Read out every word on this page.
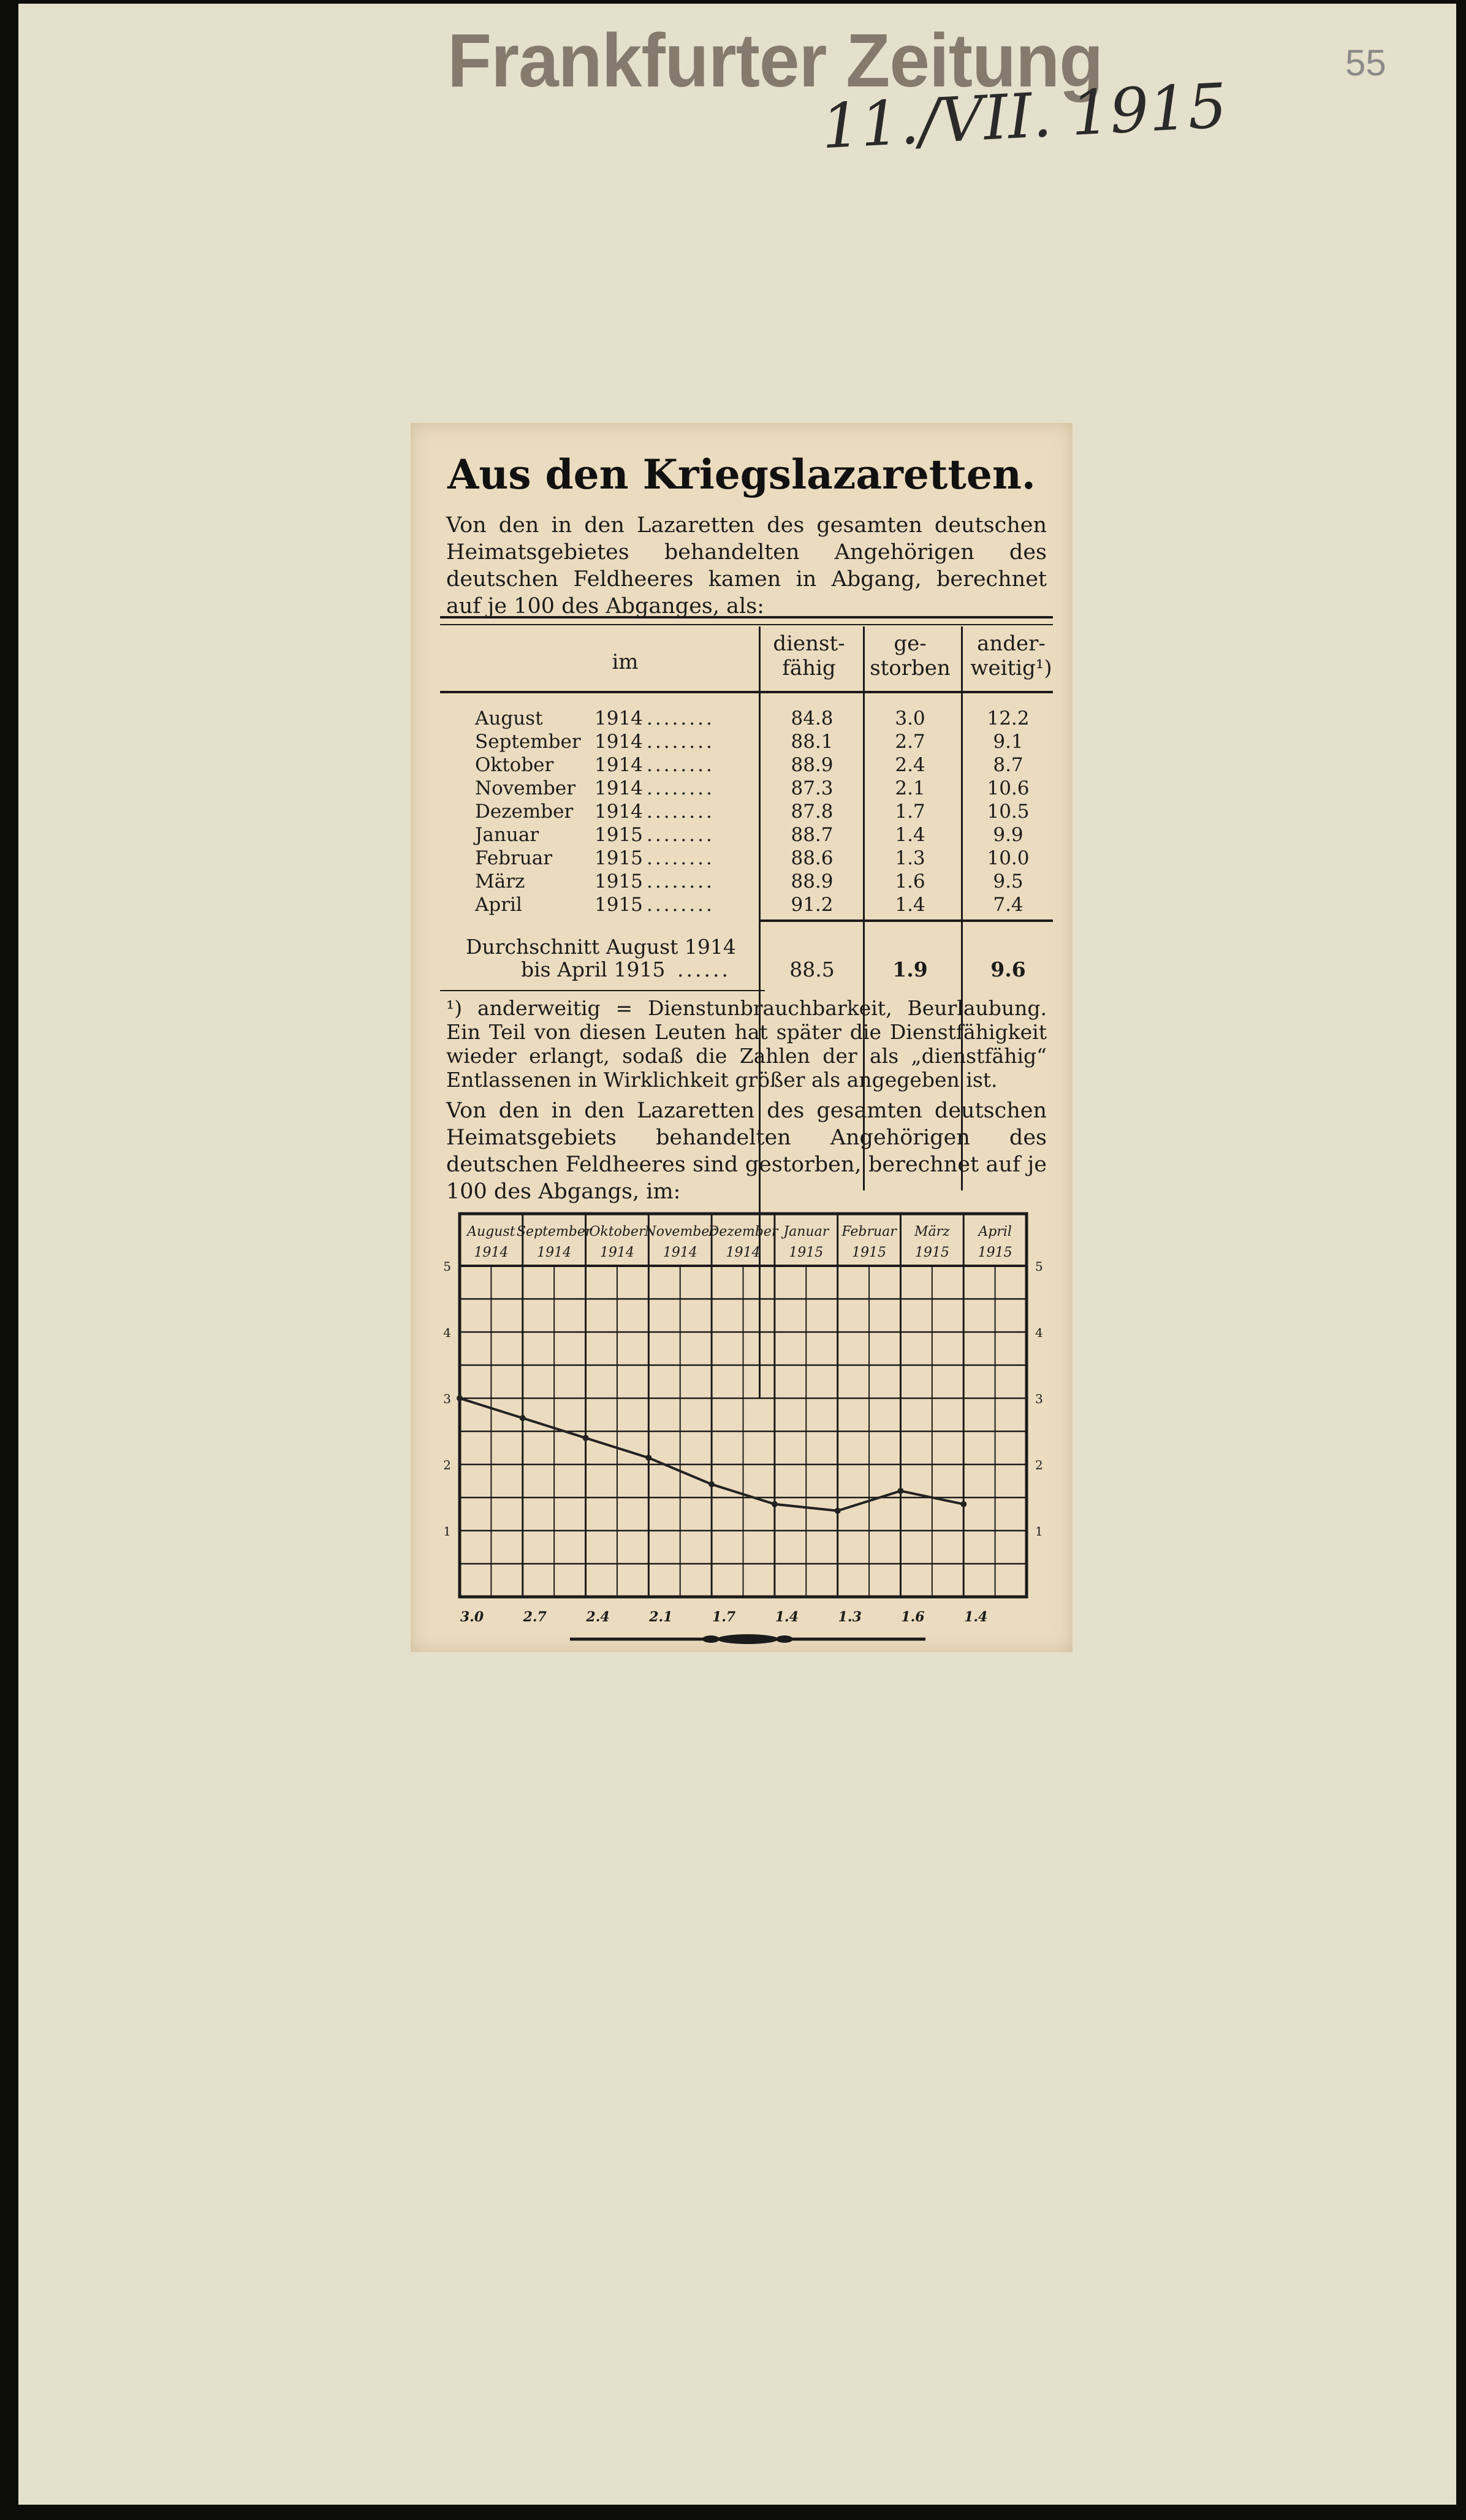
Frankfurter Zeitung
11./VII. 1915
55
Aus den Kriegslazaretten.
Von den in den Lazaretten des gesamten deutschen Heimatsgebietes behandelten Angehörigen des deutschen Feldheeres kamen in Abgang, berechnet auf je 100 des Abganges, als:
im
dienst-
fähig
ge-
storben
ander-
weitig¹)
August	1914 ........	84.8	3.0	12.2
September 1914 ........	88.1	2.7	9.1
Oktober	1914 ........	88.9	2.4	8.7
November 1914 ........	87.3	2.1	10.6
Dezember	1914 ........	87.8	1.7	10.5
Januar	1915 ........	88.7	1.4	9.9
Februar	1915 ........	88.6	1.3	10.0
März	1915 ........	88.9	1.6	9.5
April	1915 ........	91.2	1.4	7.4
Durchschnitt August 1914
bis April 1915 ......	88.5	1.9	9.6
¹) anderweitig = Dienstunbrauchbarkeit, Beurlaubung. Ein Teil von diesen Leuten hat später die Dienstfähigkeit wieder erlangt, sodaß die Zahlen der als „dienstfähig“ Entlassenen in Wirklichkeit größer als angegeben ist.
Von den in den Lazaretten des gesamten deutschen Heimatsgebiets behandelten Angehörigen des deutschen Feldheeres sind gestorben, berechnet auf je 100 des Abgangs, im:
August
1914
September
1914
Oktober
1914
November
1914
Dezember
1914
Januar
1915
Februar
1915
März
1915
April
1915
5
4
3
2
1
5
4
3
2
1
3.0	2.7	2.4	2.1	1.7	1.4	1.3	1.6	1.4
